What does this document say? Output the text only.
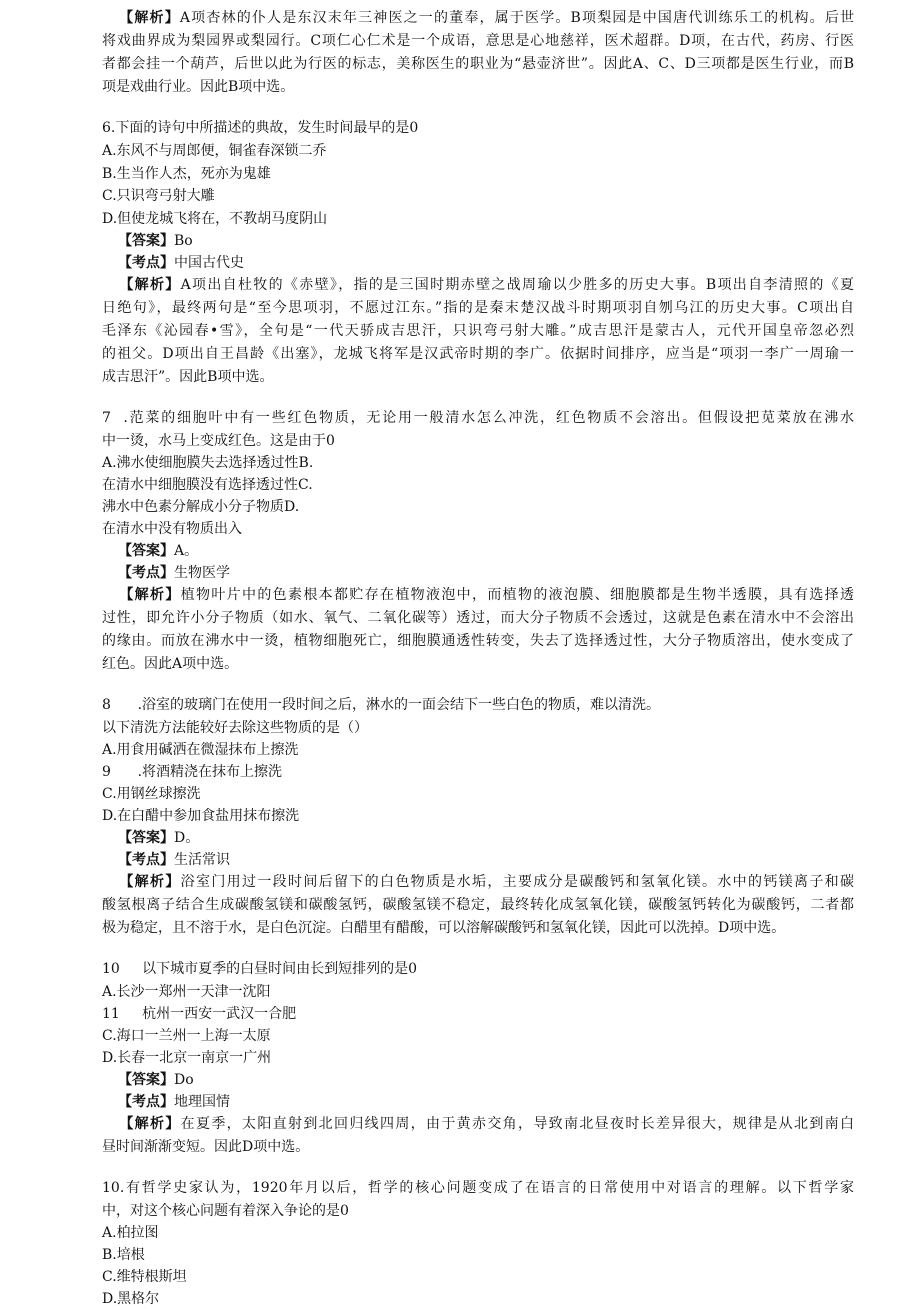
【解析】A项杏林的仆人是东汉末年三神医之一的董奉，属于医学。B项梨园是中国唐代训练乐工的机构。后世
将戏曲界成为梨园界或梨园行。C项仁心仁术是一个成语，意思是心地慈祥，医术超群。D项，在古代，药房、行医
者都会挂一个葫芦，后世以此为行医的标志，美称医生的职业为“悬壶济世”。因此A、C、D三项都是医生行业，而B
项是戏曲行业。因此B项中选。
6.下面的诗句中所描述的典故，发生时间最早的是0
A.东风不与周郎便，铜雀春深锁二乔
B.生当作人杰，死亦为鬼雄
C.只识弯弓射大雕
D.但使龙城飞将在，不教胡马度阴山
【答案】Bo
【考点】中国古代史
【解析】A项出自杜牧的《赤壁》，指的是三国时期赤壁之战周瑜以少胜多的历史大事。B项出自李清照的《夏
日绝句》，最终两句是“至今思项羽，不愿过江东。”指的是秦末楚汉战斗时期项羽自刎乌江的历史大事。C项出自
毛泽东《沁园春•雪》，全句是“一代天骄成吉思汗，只识弯弓射大雕。”成吉思汗是蒙古人，元代开国皇帝忽必烈
的祖父。D项出自王昌龄《出塞》，龙城飞将军是汉武帝时期的李广。依据时间排序，应当是“项羽一李广一周瑜一
成吉思汗”。因此B项中选。
7  .范菜的细胞叶中有一些红色物质，无论用一般清水怎么冲洗，红色物质不会溶出。但假设把苋菜放在沸水
中一烫，水马上变成红色。这是由于0
A.沸水使细胞膜失去选择透过性B.
在清水中细胞膜没有选择透过性C.
沸水中色素分解成小分子物质D.
在清水中没有物质出入
【答案】A。
【考点】生物医学
【解析】植物叶片中的色素根本都贮存在植物液泡中，而植物的液泡膜、细胞膜都是生物半透膜，具有选择透
过性，即允许小分子物质（如水、氧气、二氧化碳等）透过，而大分子物质不会透过，这就是色素在清水中不会溶出
的缘由。而放在沸水中一烫，植物细胞死亡，细胞膜通透性转变，失去了选择透过性，大分子物质溶出，使水变成了
红色。因此A项中选。
8      .浴室的玻璃门在使用一段时间之后，淋水的一面会结下一些白色的物质，难以清洗。
以下清洗方法能较好去除这些物质的是（）
A.用食用碱洒在微湿抹布上擦洗
9      .将酒精浇在抹布上擦洗
C.用钢丝球擦洗
D.在白醋中参加食盐用抹布擦洗
【答案】D。
【考点】生活常识
【解析】浴室门用过一段时间后留下的白色物质是水垢，主要成分是碳酸钙和氢氧化镁。水中的钙镁离子和碳
酸氢根离子结合生成碳酸氢镁和碳酸氢钙，碳酸氢镁不稳定，最终转化成氢氧化镁，碳酸氢钙转化为碳酸钙，二者都
极为稳定，且不溶于水，是白色沉淀。白醋里有醋酸，可以溶解碳酸钙和氢氧化镁，因此可以洗掉。D项中选。
10     以下城市夏季的白昼时间由长到短排列的是0
A.长沙一郑州一天津一沈阳
11     杭州一西安一武汉一合肥
C.海口一兰州一上海一太原
D.长春一北京一南京一广州
【答案】Do
【考点】地理国情
【解析】在夏季，太阳直射到北回归线四周，由于黄赤交角，导致南北昼夜时长差异很大，规律是从北到南白
昼时间渐渐变短。因此D项中选。
10.有哲学史家认为，1920年月以后，哲学的核心问题变成了在语言的日常使用中对语言的理解。以下哲学家
中，对这个核心问题有着深入争论的是0
A.柏拉图
B.培根
C.维特根斯坦
D.黑格尔
